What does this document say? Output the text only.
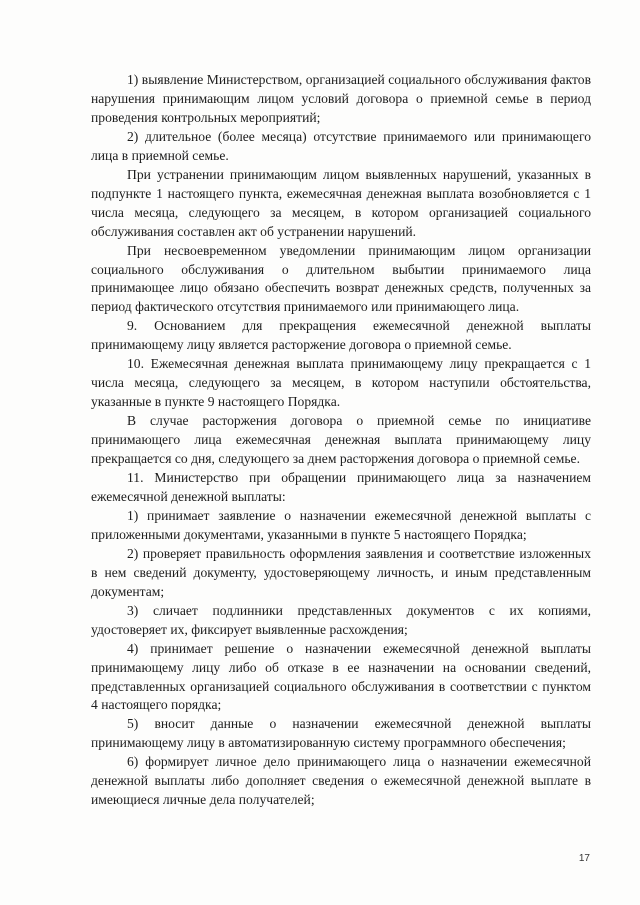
1) выявление Министерством, организацией социального обслуживания фактов нарушения принимающим лицом условий договора о приемной семье в период проведения контрольных мероприятий;

2) длительное (более месяца) отсутствие принимаемого или принимающего лица в приемной семье.

При устранении принимающим лицом выявленных нарушений, указанных в подпункте 1 настоящего пункта, ежемесячная денежная выплата возобновляется с 1 числа месяца, следующего за месяцем, в котором организацией социального обслуживания составлен акт об устранении нарушений.

При несвоевременном уведомлении принимающим лицом организации социального обслуживания о длительном выбытии принимаемого лица принимающее лицо обязано обеспечить возврат денежных средств, полученных за период фактического отсутствия принимаемого или принимающего лица.

9. Основанием для прекращения ежемесячной денежной выплаты принимающему лицу является расторжение договора о приемной семье.

10. Ежемесячная денежная выплата принимающему лицу прекращается с 1 числа месяца, следующего за месяцем, в котором наступили обстоятельства, указанные в пункте 9 настоящего Порядка.

В случае расторжения договора о приемной семье по инициативе принимающего лица ежемесячная денежная выплата принимающему лицу прекращается со дня, следующего за днем расторжения договора о приемной семье.

11. Министерство при обращении принимающего лица за назначением ежемесячной денежной выплаты:

1) принимает заявление о назначении ежемесячной денежной выплаты с приложенными документами, указанными в пункте 5 настоящего Порядка;

2) проверяет правильность оформления заявления и соответствие изложенных в нем сведений документу, удостоверяющему личность, и иным представленным документам;

3) сличает подлинники представленных документов с их копиями, удостоверяет их, фиксирует выявленные расхождения;

4) принимает решение о назначении ежемесячной денежной выплаты принимающему лицу либо об отказе в ее назначении на основании сведений, представленных организацией социального обслуживания в соответствии с пунктом 4 настоящего порядка;

5) вносит данные о назначении ежемесячной денежной выплаты принимающему лицу в автоматизированную систему программного обеспечения;

6) формирует личное дело принимающего лица о назначении ежемесячной денежной выплаты либо дополняет сведения о ежемесячной денежной выплате в имеющиеся личные дела получателей;

17
